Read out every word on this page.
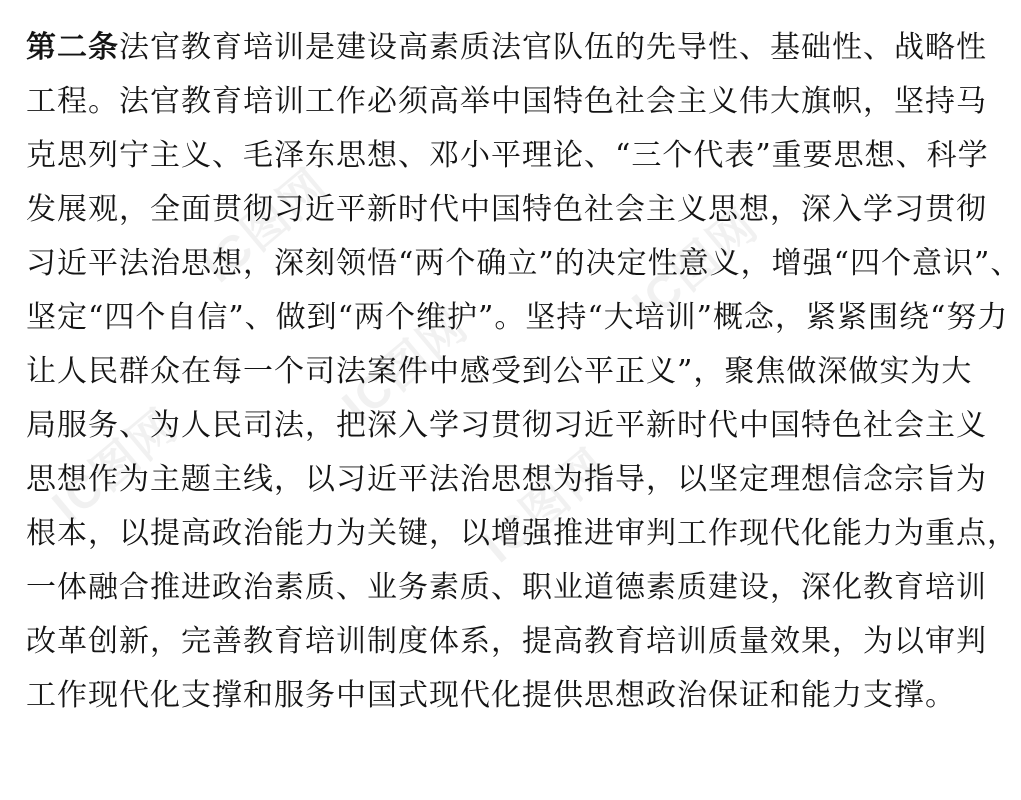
IC图网
IC图网
IC图网
IC图网
IC图网
第二条法官教育培训是建设高素质法官队伍的先导性、基础性、战略性
工程。法官教育培训工作必须高举中国特色社会主义伟大旗帜，坚持马
克思列宁主义、毛泽东思想、邓小平理论、“三个代表”重要思想、科学
发展观，全面贯彻习近平新时代中国特色社会主义思想，深入学习贯彻
习近平法治思想，深刻领悟“两个确立”的决定性意义，增强“四个意识”、
坚定“四个自信”、做到“两个维护”。坚持“大培训”概念，紧紧围绕“努力
让人民群众在每一个司法案件中感受到公平正义”，聚焦做深做实为大
局服务、为人民司法，把深入学习贯彻习近平新时代中国特色社会主义
思想作为主题主线，以习近平法治思想为指导，以坚定理想信念宗旨为
根本，以提高政治能力为关键，以增强推进审判工作现代化能力为重点，
一体融合推进政治素质、业务素质、职业道德素质建设，深化教育培训
改革创新，完善教育培训制度体系，提高教育培训质量效果，为以审判
工作现代化支撑和服务中国式现代化提供思想政治保证和能力支撑。
